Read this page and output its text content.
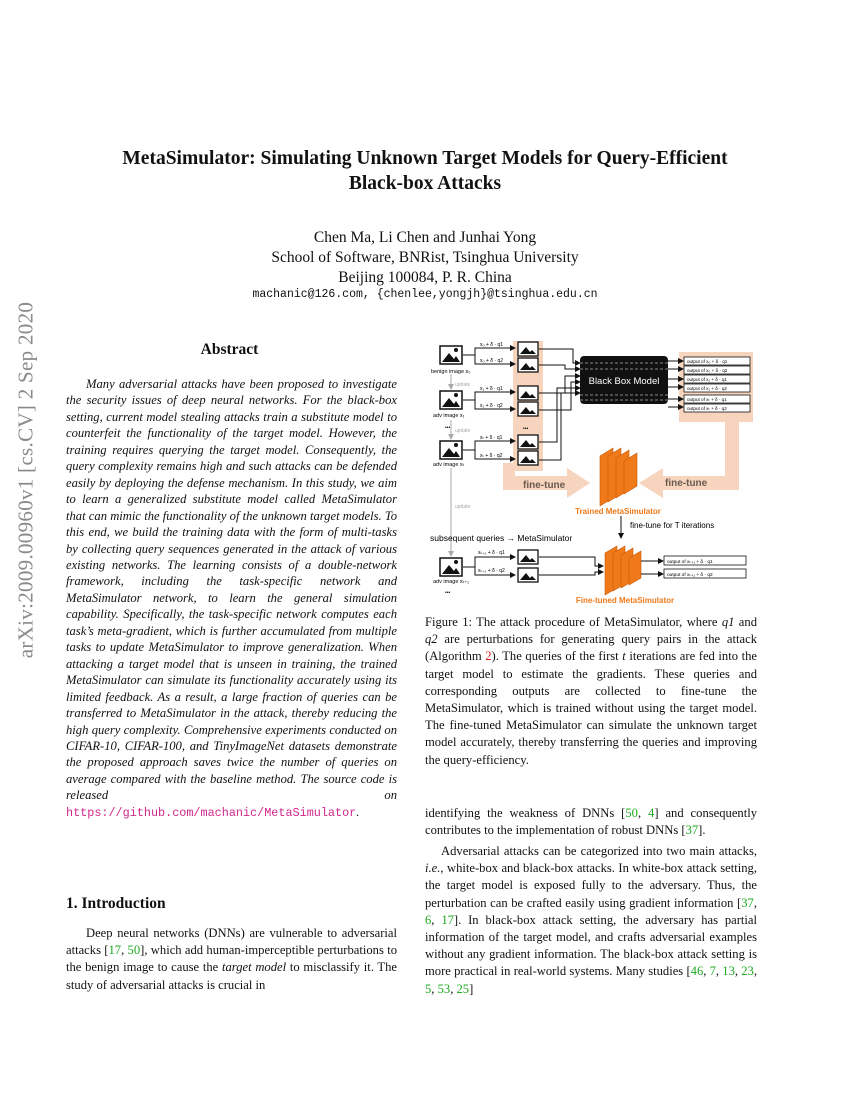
arXiv:2009.00960v1 [cs.CV] 2 Sep 2020
MetaSimulator: Simulating Unknown Target Models for Query-Efficient
Black-box Attacks
Chen Ma, Li Chen and Junhai Yong
School of Software, BNRist, Tsinghua University
Beijing 100084, P. R. China
machanic@126.com, {chenlee,yongjh}@tsinghua.edu.cn
Abstract
Many adversarial attacks have been proposed to investigate the security issues of deep neural networks. For the black-box setting, current model stealing attacks train a substitute model to counterfeit the functionality of the target model. However, the training requires querying the target model. Consequently, the query complexity remains high and such attacks can be defended easily by deploying the defense mechanism. In this study, we aim to learn a generalized substitute model called MetaSimulator that can mimic the functionality of the unknown target models. To this end, we build the training data with the form of multi-tasks by collecting query sequences generated in the attack of various existing networks. The learning consists of a double-network framework, including the task-specific network and MetaSimulator network, to learn the general simulation capability. Specifically, the task-specific network computes each task’s meta-gradient, which is further accumulated from multiple tasks to update MetaSimulator to improve generalization. When attacking a target model that is unseen in training, the trained MetaSimulator can simulate its functionality accurately using its limited feedback. As a result, a large fraction of queries can be transferred to MetaSimulator in the attack, thereby reducing the high query complexity. Comprehensive experiments conducted on CIFAR-10, CIFAR-100, and TinyImageNet datasets demonstrate the proposed approach saves twice the number of queries on average compared with the baseline method. The source code is released on https://github.com/machanic/MetaSimulator.
1. Introduction
Deep neural networks (DNNs) are vulnerable to adversarial attacks [17, 50], which add human-imperceptible perturbations to the benign image to cause the target model to misclassify it. The study of adversarial attacks is crucial in
benign image x₀
adv image x₁
•••
adv image xₜ
update
update
update
x₀ + δ · q1
x₀ + δ · q2
x₁ + δ · q1
x₁ + δ · q2
xₜ + δ · q1
xₜ + δ · q2
•••
Black Box Model
output of x₀ + δ · q1
output of x₀ + δ · q2
output of x₁ + δ · q1
output of x₁ + δ · q2
output of xₜ + δ · q1
output of xₜ + δ · q2
fine-tune	fine-tune
Trained MetaSimulator
fine-tune for T iterations
subsequent queries → MetaSimulator
adv image xₜ₊₁
•••
xₜ₊₁ + δ · q1
xₜ₊₁ + δ · q2
output of xₜ₊₁ + δ · q1
output of xₜ₊₁ + δ · q2
Fine-tuned MetaSimulator
Figure 1: The attack procedure of MetaSimulator, where q1 and q2 are perturbations for generating query pairs in the attack (Algorithm 2). The queries of the first t iterations are fed into the target model to estimate the gradients. These queries and corresponding outputs are collected to fine-tune the MetaSimulator, which is trained without using the target model. The fine-tuned MetaSimulator can simulate the unknown target model accurately, thereby transferring the queries and improving the query-efficiency.
identifying the weakness of DNNs [50, 4] and consequently contributes to the implementation of robust DNNs [37].
Adversarial attacks can be categorized into two main attacks, i.e., white-box and black-box attacks. In white-box attack setting, the target model is exposed fully to the adversary. Thus, the perturbation can be crafted easily using gradient information [37, 6, 17]. In black-box attack setting, the adversary has partial information of the target model, and crafts adversarial examples without any gradient information. The black-box attack setting is more practical in real-world systems. Many studies [46, 7, 13, 23, 5, 53, 25]
